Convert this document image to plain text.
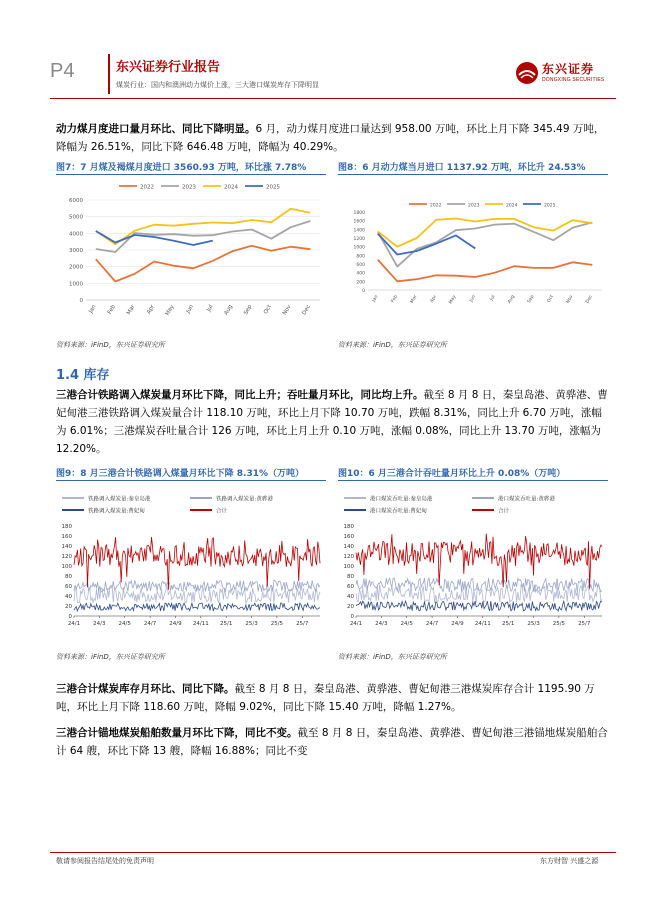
P4	东兴证券行业报告
煤炭行业：国内和澳洲动力煤价上涨，三大港口煤炭库存下降明显
东兴证券
DONGXING SECURITIES
动力煤月度进口量月环比、同比下降明显。6 月，动力煤月度进口量达到 958.00 万吨，环比上月下降 345.49 万吨，降幅为 26.51%，同比下降 646.48 万吨，降幅为 40.29%。
图7：7 月煤及褐煤月度进口 3560.93 万吨，环比涨 7.78%
0
1000
2000
3000
4000
5000
6000
Jan Feb Mar Apr May Jun Jul Aug Sep Oct Nov Dec
2022	2023	2024	2025
资料来源：iFinD，东兴证券研究所
图8：6 月动力煤当月进口 1137.92 万吨，环比升 24.53%
0
200
400
600
800
1000
1200
1400
1600
1800
Jan Feb Mar	Apr May	Jun	Jul Aug Sep	Oct Nov Dec
2022	2023	2024	2025
资料来源：iFinD，东兴证券研究所
1.4 库存
三港合计铁路调入煤炭量月环比下降，同比上升；吞吐量月环比，同比均上升。截至 8 月 8 日，秦皇岛港、黄骅港、曹妃甸港三港铁路调入煤炭量合计 118.10 万吨，环比上月下降 10.70 万吨，跌幅 8.31%，同比上升 6.70 万吨，涨幅为 6.01%；三港煤炭吞吐量合计 126 万吨，环比上月上升 0.10 万吨，涨幅 0.08%，同比上升 13.70 万吨，涨幅为 12.20%。
图9：8 月三港合计铁路调入煤量月环比下降 8.31%（万吨）
0
20
40
60
80
100
120
140
160
180
24/1 24/3 24/5 24/7 24/9 24/11 25/1 25/3 25/5 25/7
铁路调入煤炭量:秦皇岛港	铁路调入煤炭量:黄骅港
铁路调入煤炭量:曹妃甸	合计
资料来源：iFinD，东兴证券研究所
图10：6 月三港合计吞吐量月环比上升 0.08%（万吨）
0
20
40
60
80
100
120
140
160
180
24/1 24/3 24/5 24/7 24/9 24/11 25/1 25/3 25/5 25/7
港口煤炭吞吐量:秦皇岛港	港口煤炭吞吐量:黄骅港
港口煤炭吞吐量:曹妃甸	合计
资料来源：iFinD，东兴证券研究所
三港合计煤炭库存月环比、同比下降。截至 8 月 8 日，秦皇岛港、黄骅港、曹妃甸港三港煤炭库存合计 1195.90 万吨，环比上月下降 118.60 万吨，降幅 9.02%，同比下降 15.40 万吨，降幅 1.27%。
三港合计锚地煤炭船舶数量月环比下降，同比不变。截至 8 月 8 日，秦皇岛港、黄骅港、曹妃甸港三港锚地煤炭船舶合计 64 艘，环比下降 13 艘，降幅 16.88%；同比不变
敬请参阅报告结尾处的免责声明	东方财智 兴盛之源
